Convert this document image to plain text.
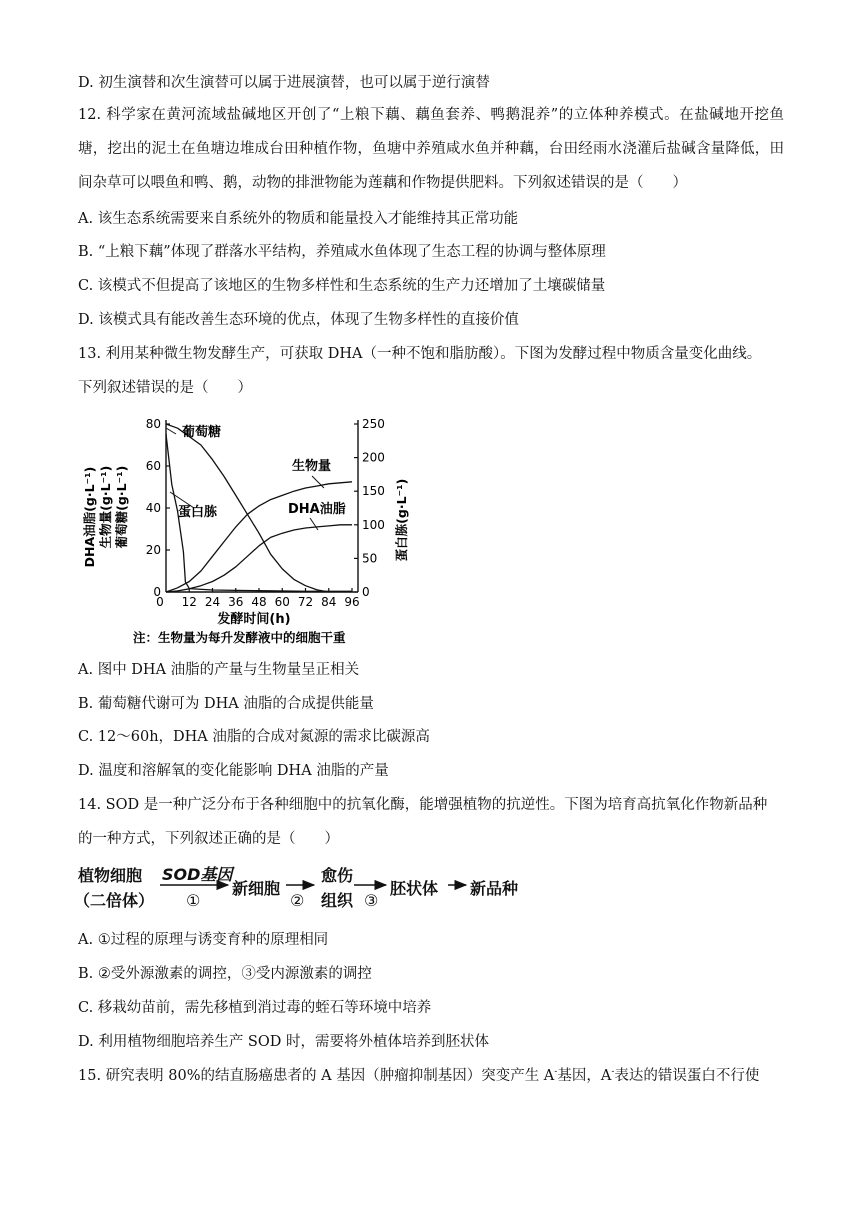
D. 初生演替和次生演替可以属于进展演替，也可以属于逆行演替
12. 科学家在黄河流域盐碱地区开创了“上粮下藕、藕鱼套养、鸭鹅混养”的立体种养模式。在盐碱地开挖鱼塘，挖出的泥土在鱼塘边堆成台田种植作物，鱼塘中养殖咸水鱼并种藕，台田经雨水浇灌后盐碱含量降低，田间杂草可以喂鱼和鸭、鹅，动物的排泄物能为莲藕和作物提供肥料。下列叙述错误的是（　　）
A. 该生态系统需要来自系统外的物质和能量投入才能维持其正常功能
B. “上粮下藕”体现了群落水平结构，养殖咸水鱼体现了生态工程的协调与整体原理
C. 该模式不但提高了该地区的生物多样性和生态系统的生产力还增加了土壤碳储量
D. 该模式具有能改善生态环境的优点，体现了生物多样性的直接价值
13. 利用某种微生物发酵生产，可获取 DHA（一种不饱和脂肪酸）。下图为发酵过程中物质含量变化曲线。
下列叙述错误的是（　　）
0
20
40
60
80
0
50
100
150
200
250
0 12 24 36 48 60 72 84 96
葡萄糖
生物量
DHA油脂
蛋白胨
DHA油脂(g·L⁻¹) 生物量(g·L⁻¹) 葡萄糖(g·L⁻¹)	蛋白胨(g·L⁻¹)
发酵时间(h)
注：生物量为每升发酵液中的细胞干重
A. 图中 DHA 油脂的产量与生物量呈正相关
B. 葡萄糖代谢可为 DHA 油脂的合成提供能量
C. 12～60h，DHA 油脂的合成对氮源的需求比碳源高
D. 温度和溶解氧的变化能影响 DHA 油脂的产量
14. SOD 是一种广泛分布于各种细胞中的抗氧化酶，能增强植物的抗逆性。下图为培育高抗氧化作物新品种
的一种方式，下列叙述正确的是（　　）
植物细胞
（二倍体）
SOD基因
①
新细胞
②
愈伤
组织 ③
胚状体 新品种
A. ①过程的原理与诱变育种的原理相同
B. ②受外源激素的调控，③受内源激素的调控
C. 移栽幼苗前，需先移植到消过毒的蛭石等环境中培养
D. 利用植物细胞培养生产 SOD 时，需要将外植体培养到胚状体
15. 研究表明 80%的结直肠癌患者的 A 基因（肿瘤抑制基因）突变产生 A-基因，A-表达的错误蛋白不行使
